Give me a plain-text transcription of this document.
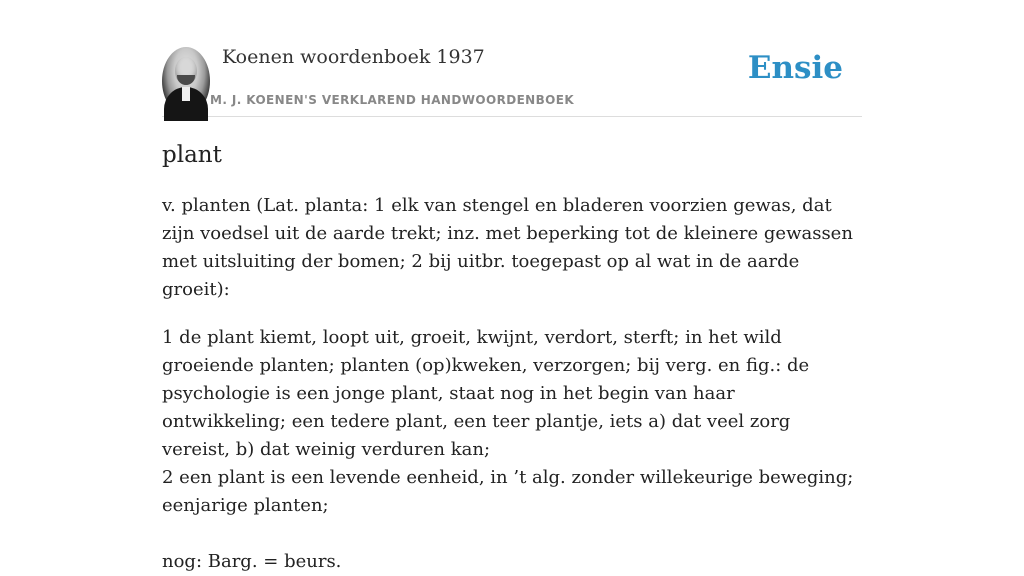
Koenen woordenboek 1937
M. J. KOENEN'S VERKLAREND HANDWOORDENBOEK
Ensie
plant

v. planten (Lat. planta: 1 elk van stengel en bladeren voorzien gewas, dat zijn voedsel uit de aarde trekt; inz. met beperking tot de kleinere gewassen met uitsluiting der bomen; 2 bij uitbr. toegepast op al wat in de aarde groeit):

1 de plant kiemt, loopt uit, groeit, kwijnt, verdort, sterft; in het wild groeiende planten; planten (op)kweken, verzorgen; bij verg. en fig.: de psychologie is een jonge plant, staat nog in het begin van haar ontwikkeling; een tedere plant, een teer plantje, iets a) dat veel zorg vereist, b) dat weinig verduren kan;

2 een plant is een levende eenheid, in ’t alg. zonder willekeurige beweging; eenjarige planten;

nog: Barg. = beurs.
